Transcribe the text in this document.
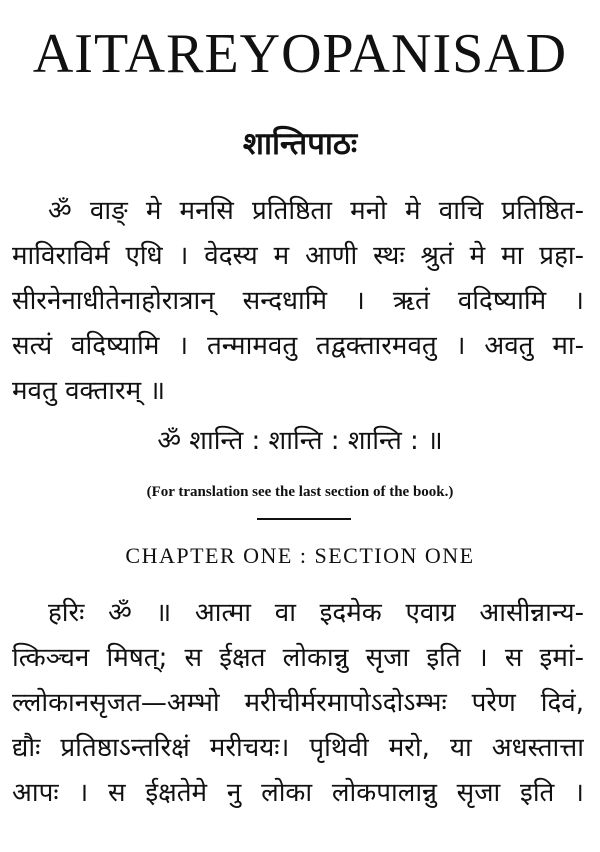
AITAREYOPANISAD
शान्तिपाठः
ॐ वाङ् मे मनसि प्रतिष्ठिता मनो मे वाचि प्रतिष्ठित-
माविराविर्म एधि । वेदस्य म आणी स्थः श्रुतं मे मा प्रहा-
सीरनेनाधीतेनाहोरात्रान् सन्दधामि । ऋतं वदिष्यामि ।
सत्यं वदिष्यामि । तन्मामवतु तद्वक्तारमवतु । अवतु मा-
मवतु वक्तारम् ॥
ॐ शान्ति : शान्ति : शान्ति : ॥
(For translation see the last section of the book.)
CHAPTER ONE : SECTION ONE
हरिः ॐ ॥ आत्मा वा इदमेक एवाग्र आसीन्नान्य-
त्किञ्चन मिषत्; स ईक्षत लोकान्नु सृजा इति । स इमां-
ल्लोकानसृजत—अम्भो मरीचीर्मरमापोऽदोऽम्भः परेण दिवं,
द्यौः प्रतिष्ठाऽन्तरिक्षं मरीचयः। पृथिवी मरो, या अधस्तात्ता
आपः । स ईक्षतेमे नु लोका लोकपालान्नु सृजा इति ।
